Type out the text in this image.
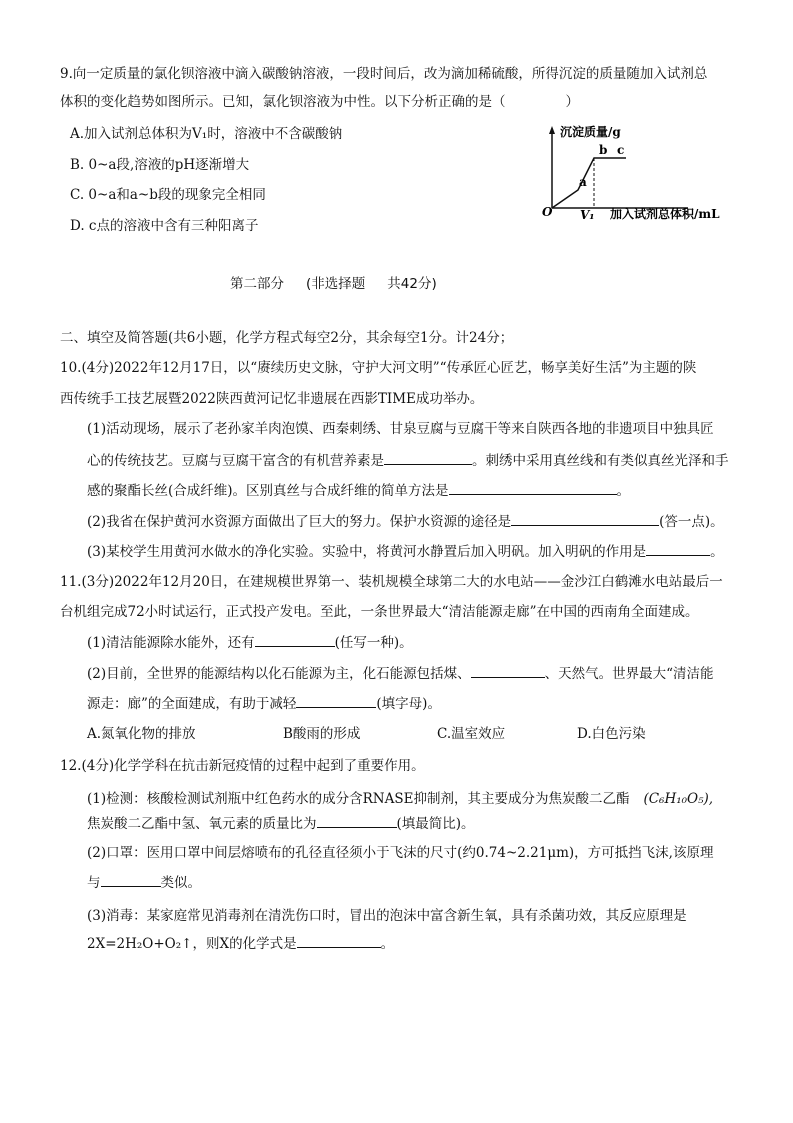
9.向一定质量的氯化钡溶液中滴入碳酸钠溶液，一段时间后，改为滴加稀硫酸，所得沉淀的质量随加入试剂总
体积的变化趋势如图所示。已知，氯化钡溶液为中性。以下分析正确的是（	）
A.加入试剂总体积为V₁时，溶液中不含碳酸钠
B. 0~a段,溶液的pH逐渐增大
C. 0~a和a~b段的现象完全相同
D. c点的溶液中含有三种阳离子
沉淀质量/g
O V₁ 加入试剂总体积/mL
a
b c
第二部分 (非选择题 共42分)
二、填空及简答题(共6小题，化学方程式每空2分，其余每空1分。计24分；
10.(4分)2022年12月17日，以“赓续历史文脉，守护大河文明”“传承匠心匠艺，畅享美好生活”为主题的陕
西传统手工技艺展暨2022陕西黄河记忆非遗展在西影TIME成功举办。
(1)活动现场，展示了老孙家羊肉泡馍、西秦刺绣、甘泉豆腐与豆腐干等来自陕西各地的非遗项目中独具匠
心的传统技艺。豆腐与豆腐干富含的有机营养素是	。刺绣中采用真丝线和有类似真丝光泽和手
感的聚酯长丝(合成纤维)。区别真丝与合成纤维的简单方法是	。
(2)我省在保护黄河水资源方面做出了巨大的努力。保护水资源的途径是	(答一点)。
(3)某校学生用黄河水做水的净化实验。实验中，将黄河水静置后加入明矾。加入明矾的作用是	。
11.(3分)2022年12月20日，在建规模世界第一、装机规模全球第二大的水电站——金沙江白鹤滩水电站最后一
台机组完成72小时试运行，正式投产发电。至此，一条世界最大“清洁能源走廊”在中国的西南角全面建成。
(1)清洁能源除水能外，还有	(任写一种)。
(2)目前，全世界的能源结构以化石能源为主，化石能源包括煤、	、天然气。世界最大“清洁能
源走：廊”的全面建成，有助于减轻	(填字母)。
A.氮氧化物的排放	B酸雨的形成	C.温室效应	D.白色污染
12.(4分)化学学科在抗击新冠疫情的过程中起到了重要作用。
(1)检测：核酸检测试剂瓶中红色药水的成分含RNASE抑制剂，其主要成分为焦炭酸二乙酯 (C₆H₁₀O₅),
焦炭酸二乙酯中氢、氧元素的质量比为	(填最简比)。
(2)口罩：医用口罩中间层熔喷布的孔径直径须小于飞沫的尺寸(约0.74~2.21μm)，方可抵挡飞沫,该原理
与	类似。
(3)消毒：某家庭常见消毒剂在清洗伤口时，冒出的泡沫中富含新生氧，具有杀菌功效，其反应原理是
2X=2H₂O+O₂↑，则X的化学式是	。
